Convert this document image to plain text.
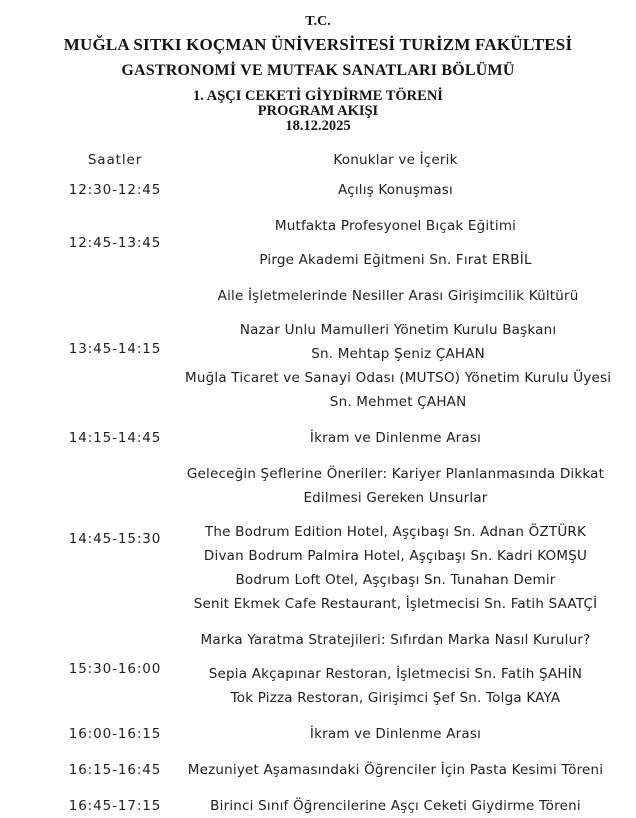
T.C.
MUĞLA SITKI KOÇMAN ÜNİVERSİTESİ TURİZM FAKÜLTESİ
GASTRONOMİ VE MUTFAK SANATLARI BÖLÜMÜ
1. AŞÇI CEKETİ GİYDİRME TÖRENİ
PROGRAM AKIŞI
18.12.2025
Saatler	Konuklar ve İçerik
12:30-12:45	Açılış Konuşması
12:45-13:45
Mutfakta Profesyonel Bıçak Eğitimi
Pirge Akademi Eğitmeni Sn. Fırat ERBİL
13:45-14:15
Aile İşletmelerinde Nesiller Arası Girişimcilik Kültürü
Nazar Unlu Mamulleri Yönetim Kurulu Başkanı
Sn. Mehtap Şeniz ÇAHAN
Muğla Ticaret ve Sanayi Odası (MUTSO) Yönetim Kurulu Üyesi
Sn. Mehmet ÇAHAN
14:15-14:45	İkram ve Dinlenme Arası
14:45-15:30
Geleceğin Şeflerine Öneriler: Kariyer Planlanmasında Dikkat
Edilmesi Gereken Unsurlar
The Bodrum Edition Hotel, Aşçıbaşı Sn. Adnan ÖZTÜRK
Divan Bodrum Palmira Hotel, Aşçıbaşı Sn. Kadri KOMŞU
Bodrum Loft Otel, Aşçıbaşı Sn. Tunahan Demir
Senit Ekmek Cafe Restaurant, İşletmecisi Sn. Fatih SAATÇİ
15:30-16:00
Marka Yaratma Stratejileri: Sıfırdan Marka Nasıl Kurulur?
Sepia Akçapınar Restoran, İşletmecisi Sn. Fatih ŞAHİN
Tok Pizza Restoran, Girişimci Şef Sn. Tolga KAYA
16:00-16:15	İkram ve Dinlenme Arası
16:15-16:45	Mezuniyet Aşamasındaki Öğrenciler İçin Pasta Kesimi Töreni
16:45-17:15	Birinci Sınıf Öğrencilerine Aşçı Ceketi Giydirme Töreni
